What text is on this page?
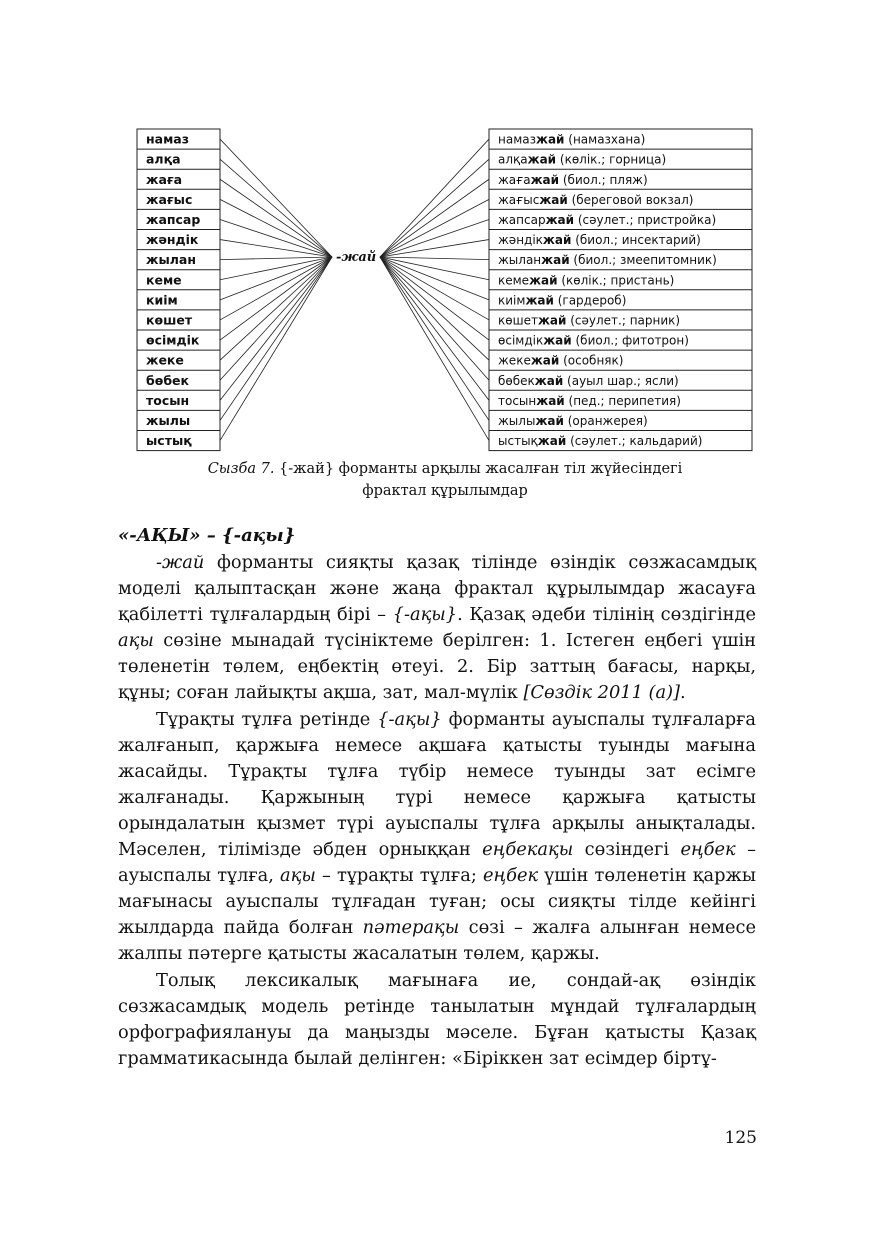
намаз
алқа
жаға
жағыс
жапсар
жәндік
жылан
кеме
киім
көшет
өсімдік
жеке
бөбек
тосын
жылы
ыстық
намазжай (намазхана)
алқажай (көлік.; горница)
жағажай (биол.; пляж)
жағысжай (береговой вокзал)
жапсаржай (сәулет.; пристройка)
жәндікжай (биол.; инсектарий)
жыланжай (биол.; змеепитомник)
кемежай (көлік.; пристань)
киімжай (гардероб)
көшетжай (сәулет.; парник)
өсімдікжай (биол.; фитотрон)
жекежай (особняк)
бөбекжай (ауыл шар.; ясли)
тосынжай (пед.; перипетия)
жылыжай (оранжерея)
ыстықжай (сәулет.; кальдарий)
-жай
Сызба 7. {-жай} форманты арқылы жасалған тіл жүйесіндегі
фрактал құрылымдар

«-АҚЫ» – {-ақы}

-жай форманты сияқты қазақ тілінде өзіндік сөзжасамдық моделі қалыптасқан және жаңа фрактал құрылымдар жасауға қабілетті тұлғалардың бірі – {-ақы}. Қазақ әдеби тілінің сөздігінде ақы сөзіне мынадай түсініктеме берілген: 1. Істеген еңбегі үшін төленетін төлем, еңбектің өтеуі. 2. Бір заттың бағасы, нарқы, құны; соған лайықты ақша, зат, мал-мүлік [Сөздік 2011 (a)].

Тұрақты тұлға ретінде {-ақы} форманты ауыспалы тұлғаларға жалғанып, қаржыға немесе ақшаға қатысты туынды мағына жасайды. Тұрақты тұлға түбір немесе туынды зат есімге жалғанады. Қаржының түрі немесе қаржыға қатысты орындалатын қызмет түрі ауыспалы тұлға арқылы анықталады. Мәселен, тілімізде әбден орныққан еңбекақы сөзіндегі еңбек – ауыспалы тұлға, ақы – тұрақты тұлға; еңбек үшін төленетін қаржы мағынасы ауыспалы тұлғадан туған; осы сияқты тілде кейінгі жылдарда пайда болған пәтерақы сөзі – жалға алынған немесе жалпы пәтерге қатысты жасалатын төлем, қаржы.

Толық лексикалық мағынаға ие, сондай-ақ өзіндік сөзжасамдық модель ретінде танылатын мұндай тұлғалардың орфографиялануы да маңызды мәселе. Бұған қатысты Қазақ грамматикасында былай делінген: «Біріккен зат есімдер біртұ-

125
